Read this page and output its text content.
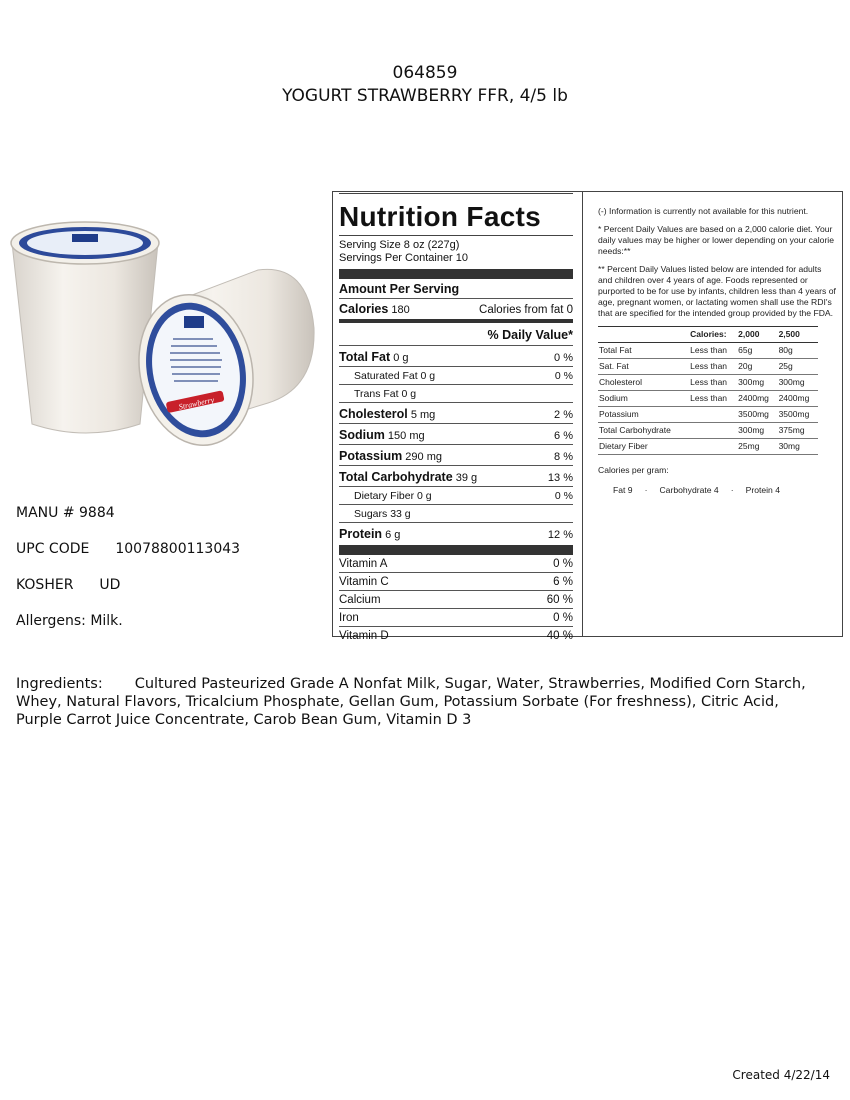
064859
YOGURT STRAWBERRY FFR, 4/5 lb
Strawberry
MANU # 9884
UPC CODE 10078800113043
KOSHER UD
Allergens: Milk.
Nutrition Facts
Serving Size 8 oz (227g)
Servings Per Container 10
Amount Per Serving
Calories 180	Calories from fat 0
% Daily Value*
Total Fat 0 g	0 %
Saturated Fat 0 g	0 %
Trans Fat 0 g
Cholesterol 5 mg	2 %
Sodium 150 mg	6 %
Potassium 290 mg	8 %
Total Carbohydrate 39 g	13 %
Dietary Fiber 0 g	0 %
Sugars 33 g
Protein 6 g	12 %
Vitamin A	0 %
Vitamin C	6 %
Calcium	60 %
Iron	0 %
Vitamin D	40 %

(-) Information is currently not available for this nutrient.

* Percent Daily Values are based on a 2,000 calorie diet. Your daily values may be higher or lower depending on your calorie needs:**

** Percent Daily Values listed below are intended for adults and children over 4 years of age. Foods represented or purported to be for use by infants, children less than 4 years of age, pregnant women, or lactating women shall use the RDI's that are specified for the intended group provided by the FDA.

	Calories:	2,000	2,500
Total Fat	Less than	65g	80g
Sat. Fat	Less than	20g	25g
Cholesterol	Less than	300mg	300mg
Sodium	Less than	2400mg	2400mg
Potassium		3500mg	3500mg
Total Carbohydrate		300mg	375mg
Dietary Fiber		25mg	30mg
Calories per gram:
Fat 9 · Carbohydrate 4 · Protein 4
Ingredients: Cultured Pasteurized Grade A Nonfat Milk, Sugar, Water, Strawberries, Modified Corn Starch, Whey, Natural Flavors, Tricalcium Phosphate, Gellan Gum, Potassium Sorbate (For freshness), Citric Acid, Purple Carrot Juice Concentrate, Carob Bean Gum, Vitamin D 3
Created 4/22/14
